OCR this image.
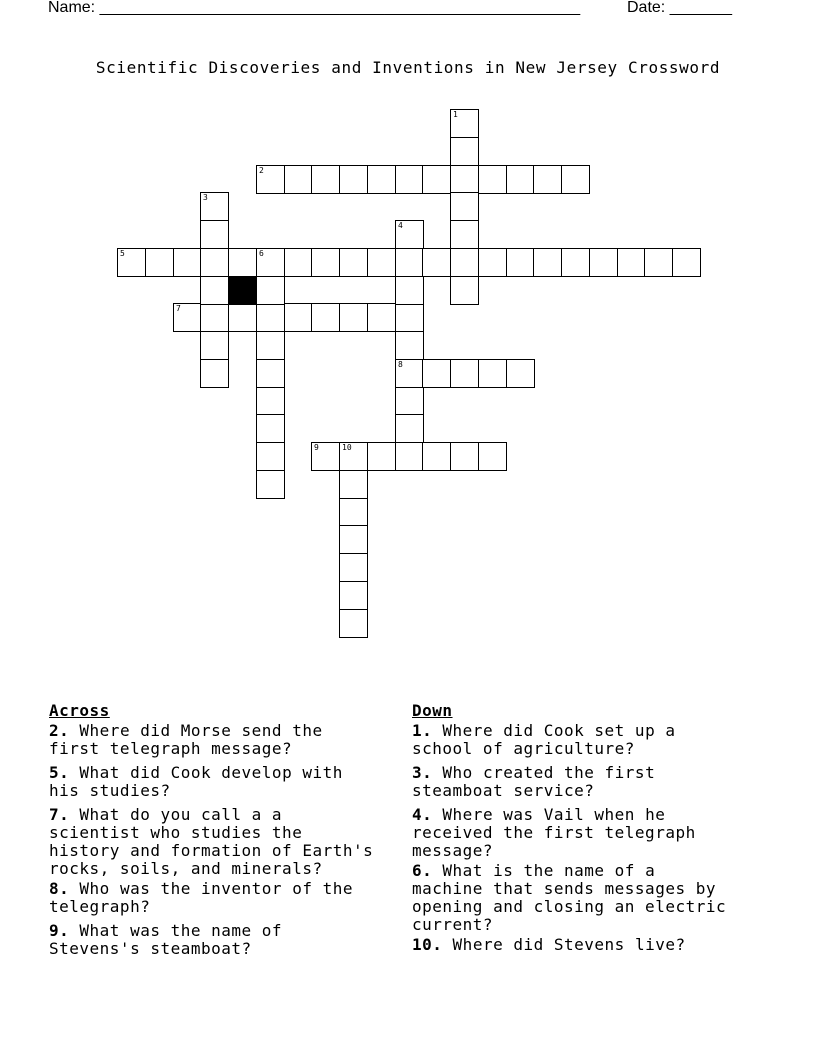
Name: ______________________________________________________	Date: _______
Scientific Discoveries and Inventions in New Jersey Crossword
2
5	6
7
8
9	10
1
3
4
Across
2. Where did Morse send the
first telegraph message?
5. What did Cook develop with
his studies?
7. What do you call a a
scientist who studies the
history and formation of Earth's
rocks, soils, and minerals?
8. Who was the inventor of the
telegraph?
9. What was the name of
Stevens's steamboat?
Down
1. Where did Cook set up a
school of agriculture?
3. Who created the first
steamboat service?
4. Where was Vail when he
received the first telegraph
message?
6. What is the name of a
machine that sends messages by
opening and closing an electric
current?
10. Where did Stevens live?
